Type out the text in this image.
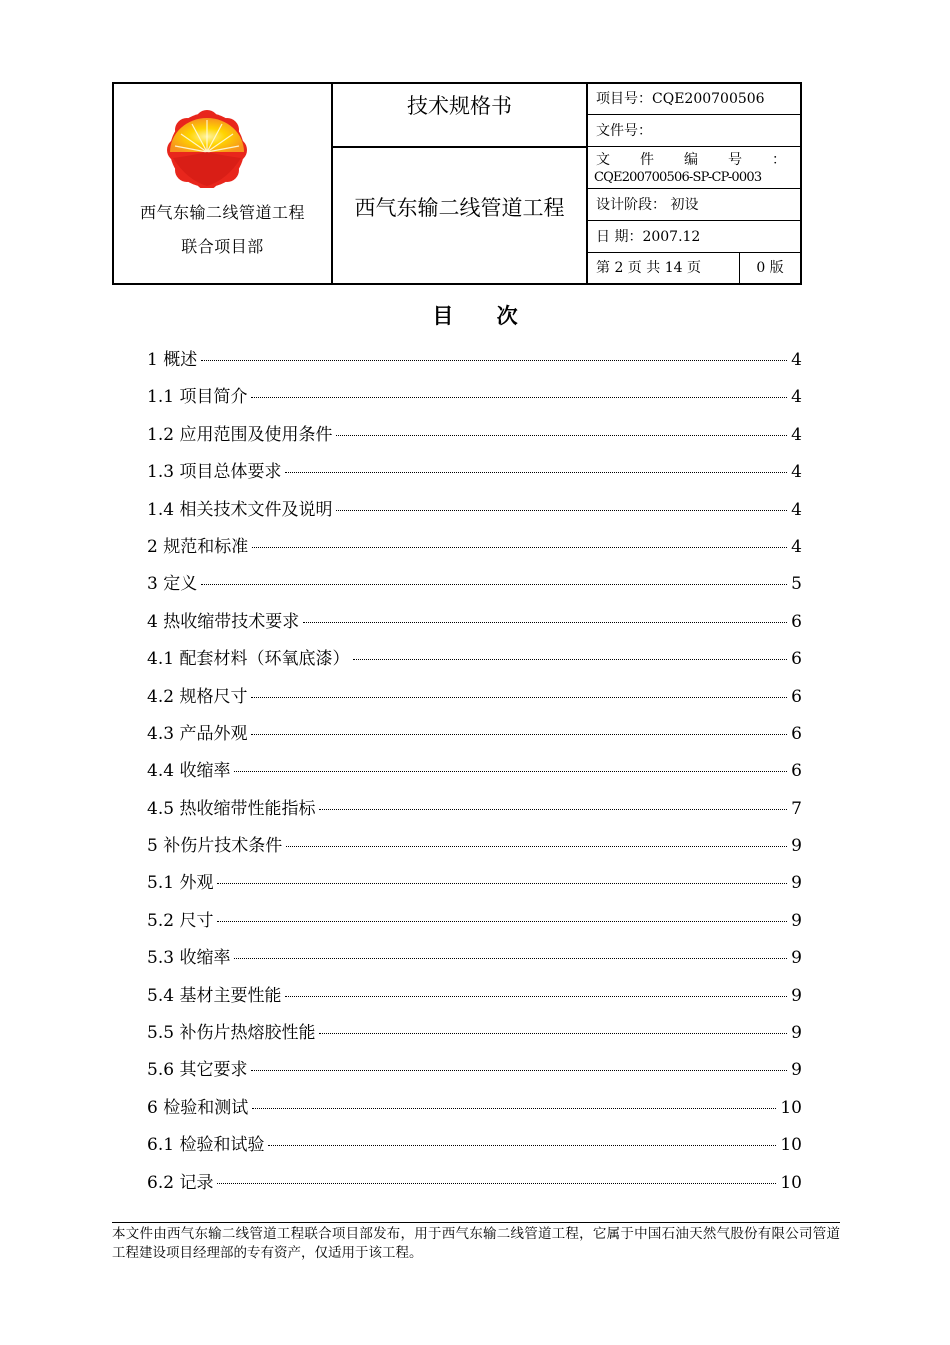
西气东输二线管道工程
联合项目部
技术规格书
西气东输二线管道工程
项目号：CQE200700506
文件号：
文 件 编 号 ：
CQE200700506-SP-CP-0003
设计阶段： 初设
日 期：2007.12
第 2 页 共 14 页	0 版
目 次
1 概述	4
1.1 项目简介	4
1.2 应用范围及使用条件	4
1.3 项目总体要求	4
1.4 相关技术文件及说明	4
2 规范和标准	4
3 定义	5
4 热收缩带技术要求	6
4.1 配套材料（环氧底漆）	6
4.2 规格尺寸	6
4.3 产品外观	6
4.4 收缩率	6
4.5 热收缩带性能指标	7
5 补伤片技术条件	9
5.1 外观	9
5.2 尺寸	9
5.3 收缩率	9
5.4 基材主要性能	9
5.5 补伤片热熔胶性能	9
5.6 其它要求	9
6 检验和测试	10
6.1 检验和试验	10
6.2 记录	10
本文件由西气东输二线管道工程联合项目部发布，用于西气东输二线管道工程，它属于中国石油天然气股份有限公司管道工程建设项目经理部的专有资产，仅适用于该工程。
